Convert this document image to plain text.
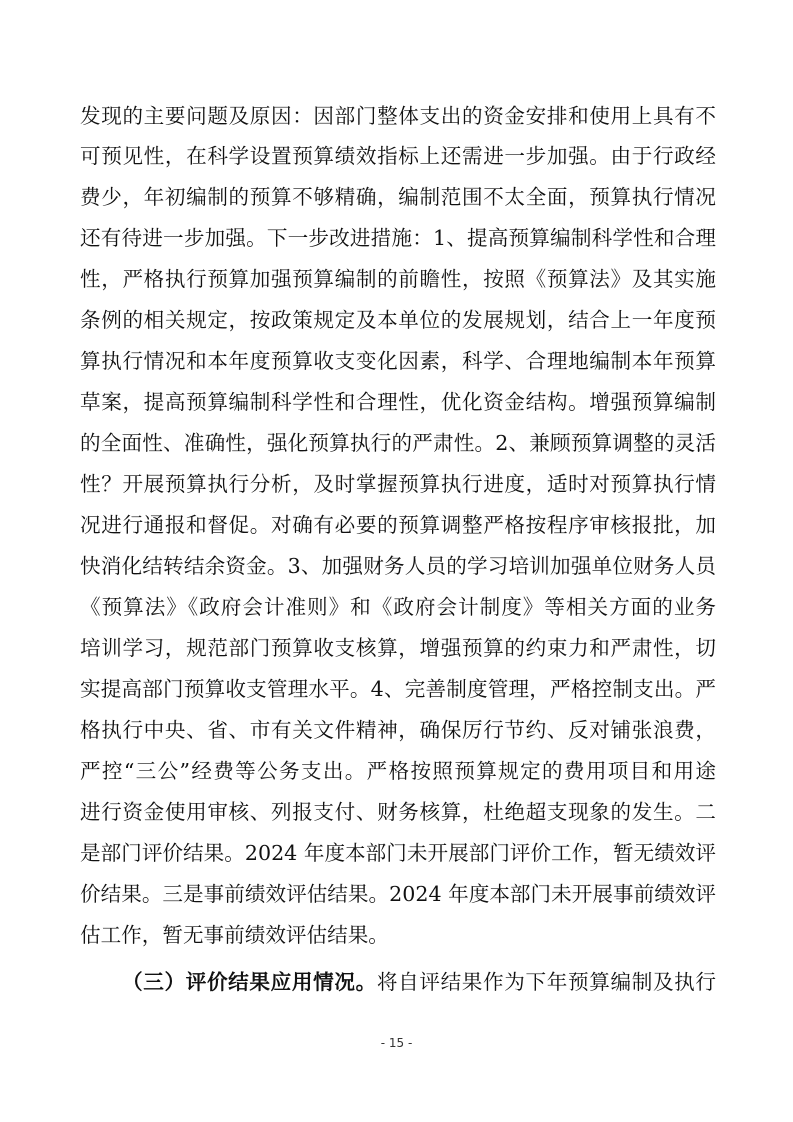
发现的主要问题及原因：因部门整体支出的资金安排和使用上具有不
可预见性，在科学设置预算绩效指标上还需进一步加强。由于行政经
费少，年初编制的预算不够精确，编制范围不太全面，预算执行情况
还有待进一步加强。下一步改进措施：1、提高预算编制科学性和合理
性，严格执行预算加强预算编制的前瞻性，按照《预算法》及其实施
条例的相关规定，按政策规定及本单位的发展规划，结合上一年度预
算执行情况和本年度预算收支变化因素，科学、合理地编制本年预算
草案，提高预算编制科学性和合理性，优化资金结构。增强预算编制
的全面性、准确性，强化预算执行的严肃性。2、兼顾预算调整的灵活
性？开展预算执行分析，及时掌握预算执行进度，适时对预算执行情
况进行通报和督促。对确有必要的预算调整严格按程序审核报批，加
快消化结转结余资金。3、加强财务人员的学习培训加强单位财务人员
《预算法》《政府会计准则》和《政府会计制度》等相关方面的业务
培训学习，规范部门预算收支核算，增强预算的约束力和严肃性，切
实提高部门预算收支管理水平。4、完善制度管理，严格控制支出。严
格执行中央、省、市有关文件精神，确保厉行节约、反对铺张浪费，
严控“三公”经费等公务支出。严格按照预算规定的费用项目和用途
进行资金使用审核、列报支付、财务核算，杜绝超支现象的发生。二
是部门评价结果。2024 年度本部门未开展部门评价工作，暂无绩效评
价结果。三是事前绩效评估结果。2024 年度本部门未开展事前绩效评
估工作，暂无事前绩效评估结果。
（三）评价结果应用情况。将自评结果作为下年预算编制及执行
- 15 -
